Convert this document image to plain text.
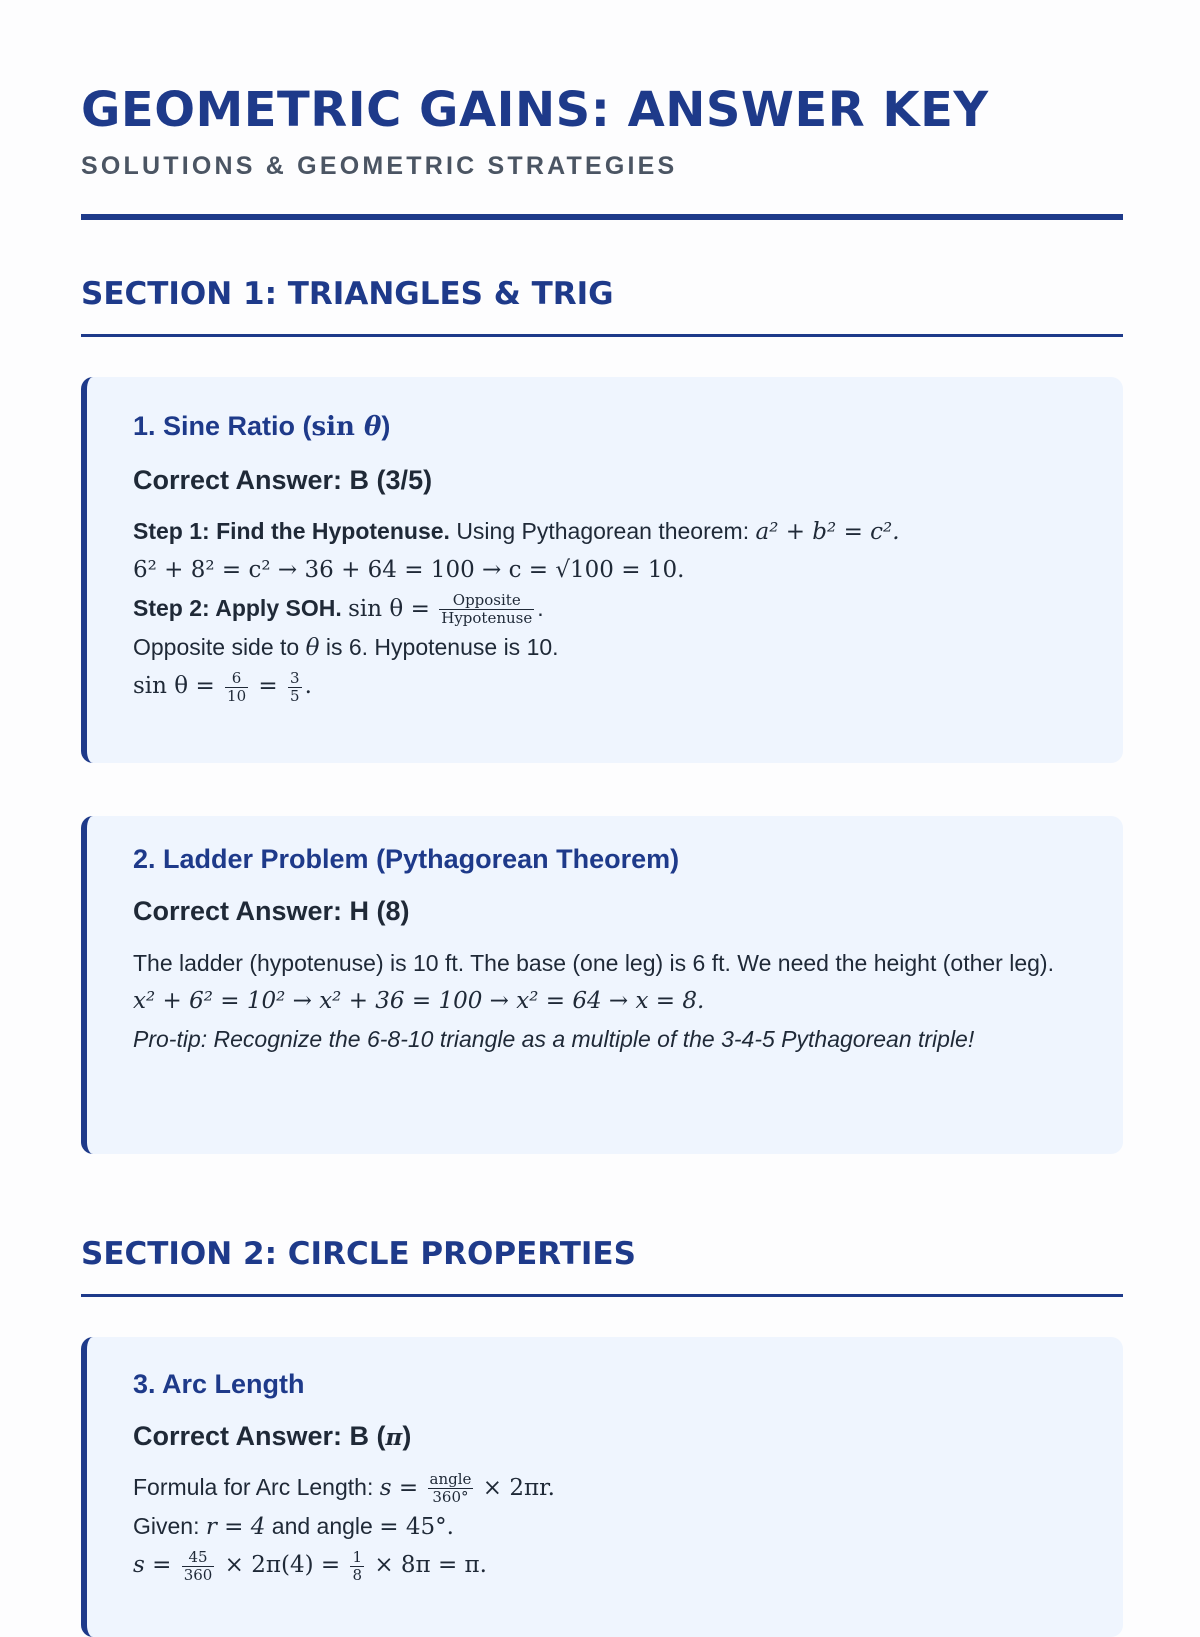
GEOMETRIC GAINS: ANSWER KEY
SOLUTIONS & GEOMETRIC STRATEGIES
SECTION 1: TRIANGLES & TRIG
1. Sine Ratio (sin θ)
Correct Answer: B (3/5)
Step 1: Find the Hypotenuse. Using Pythagorean theorem: a² + b² = c².
6² + 8² = c² → 36 + 64 = 100 → c = √100 = 10.
Step 2: Apply SOH. $\sin \theta = \frac{\text{Opposite}}{\text{Hypotenuse}}$ .
Opposite side to θ is 6. Hypotenuse is 10.
$\sin \theta = \frac{6}{10} = \frac{3}{5}$ .
2. Ladder Problem (Pythagorean Theorem)
Correct Answer: H (8)
The ladder (hypotenuse) is 10 ft. The base (one leg) is 6 ft. We need the height (other leg).
x² + 6² = 10² → x² + 36 = 100 → x² = 64 → x = 8.
Pro-tip: Recognize the 6-8-10 triangle as a multiple of the 3-4-5 Pythagorean triple!
SECTION 2: CIRCLE PROPERTIES
3. Arc Length
Correct Answer: B (π)
Formula for Arc Length: $s = \frac{\text{angle}}{360^\circ} \times 2\pi r$.
Given: r = 4 and angle = 45°.
$s = \frac{45}{360} \times 2\pi(4) = \frac{1}{8} \times 8\pi = \pi$.
